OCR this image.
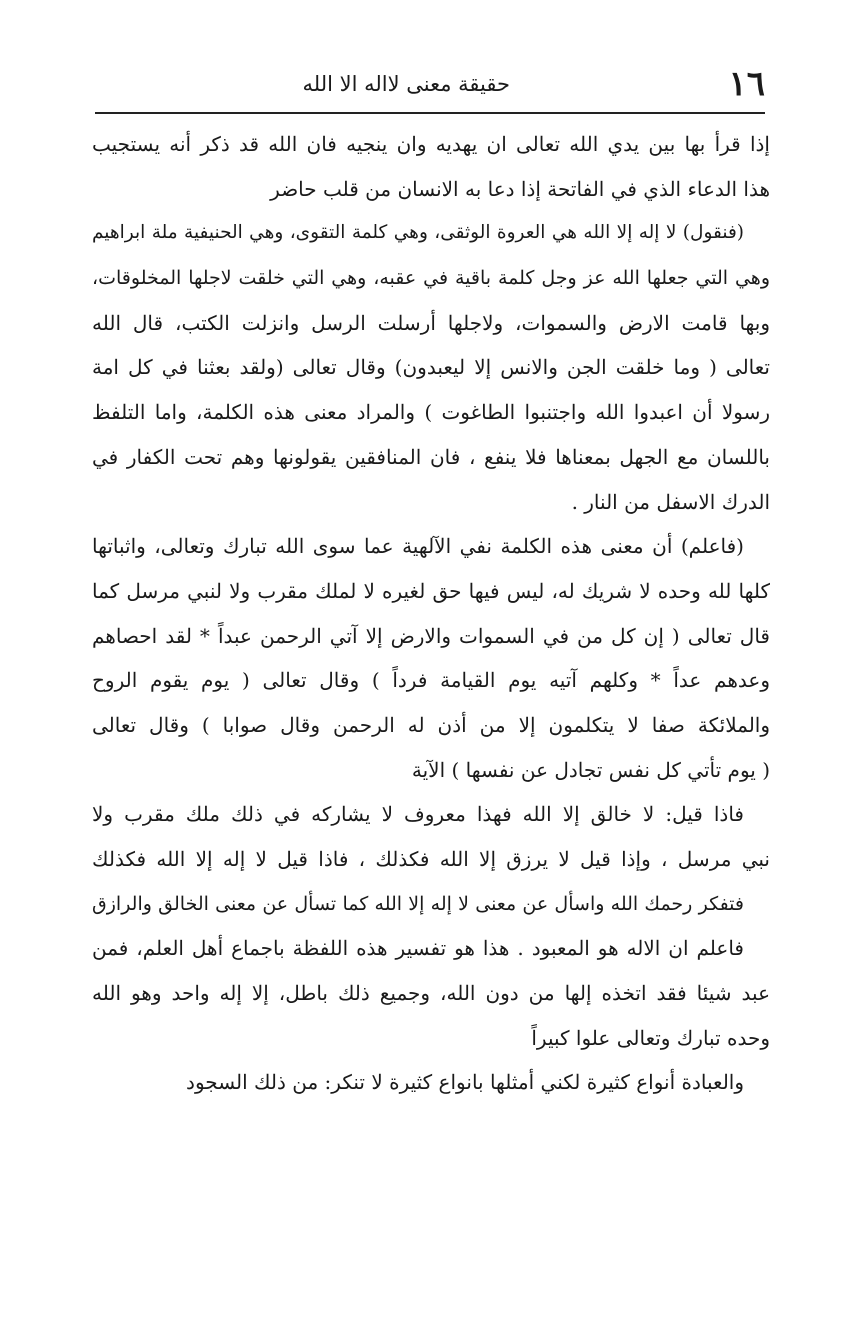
١٦
حقيقة معنى لااله الا الله
إذا قرأ بها بين يدي الله تعالى ان يهديه وان ينجيه فان الله قد ذكر أنه يستجيب
هذا الدعاء الذي في الفاتحة إذا دعا به الانسان من قلب حاضر
(فنقول) لا إله إلا الله هي العروة الوثقى، وهي كلمة التقوى، وهي الحنيفية ملة ابراهيم
وهي التي جعلها الله عز وجل كلمة باقية في عقبه، وهي التي خلقت لاجلها المخلوقات،
وبها قامت الارض والسموات، ولاجلها أرسلت الرسل وانزلت الكتب، قال الله
تعالى ( وما خلقت الجن والانس إلا ليعبدون) وقال تعالى (ولقد بعثنا في كل امة
رسولا أن اعبدوا الله واجتنبوا الطاغوت ) والمراد معنى هذه الكلمة، واما التلفظ
باللسان مع الجهل بمعناها فلا ينفع ، فان المنافقين يقولونها وهم تحت الكفار في
الدرك الاسفل من النار .
(فاعلم) أن معنى هذه الكلمة نفي الآلهية عما سوى الله تبارك وتعالى، واثباتها
كلها لله وحده لا شريك له، ليس فيها حق لغيره لا لملك مقرب ولا لنبي مرسل كما
قال تعالى ( إن كل من في السموات والارض إلا آتي الرحمن عبداً * لقد احصاهم
وعدهم عداً * وكلهم آتيه يوم القيامة فرداً ) وقال تعالى ( يوم يقوم الروح
والملائكة صفا لا يتكلمون إلا من أذن له الرحمن وقال صوابا ) وقال تعالى
( يوم تأتي كل نفس تجادل عن نفسها ) الآية
فاذا قيل: لا خالق إلا الله فهذا معروف لا يشاركه في ذلك ملك مقرب ولا
نبي مرسل ، وإذا قيل لا يرزق إلا الله فكذلك ، فاذا قيل لا إله إلا الله فكذلك
فتفكر رحمك الله واسأل عن معنى لا إله إلا الله كما تسأل عن معنى الخالق والرازق
فاعلم ان الاله هو المعبود . هذا هو تفسير هذه اللفظة باجماع أهل العلم، فمن
عبد شيئا فقد اتخذه إلها من دون الله، وجميع ذلك باطل، إلا إله واحد وهو الله
وحده تبارك وتعالى علوا كبيراً
والعبادة أنواع كثيرة لكني أمثلها بانواع كثيرة لا تنكر: من ذلك السجود
